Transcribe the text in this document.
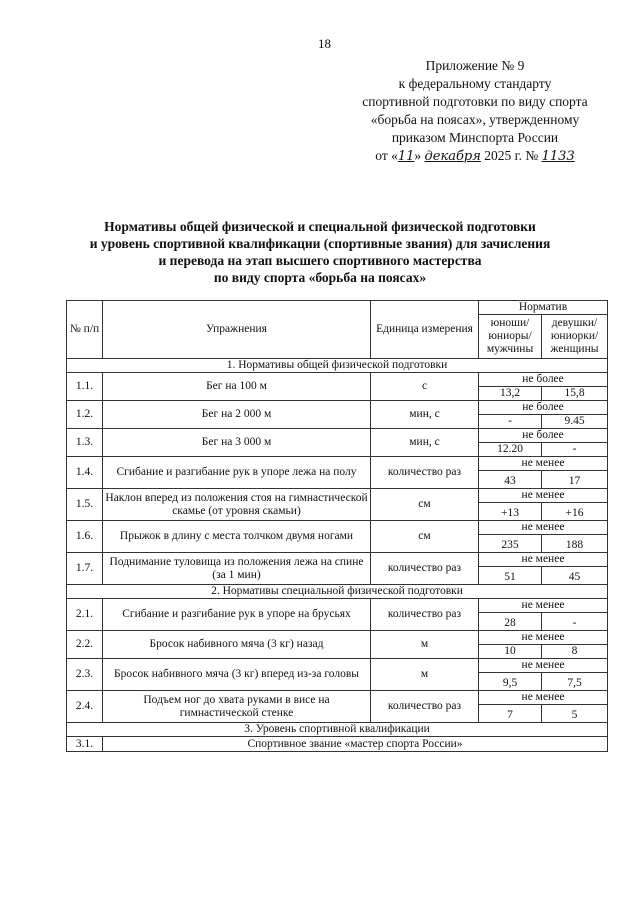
18
Приложение № 9
к федеральному стандарту
спортивной подготовки по виду спорта
«борьба на поясах», утвержденному
приказом Минспорта России
от «11» декабря 2025 г. № 1133
Нормативы общей физической и специальной физической подготовки
и уровень спортивной квалификации (спортивные звания) для зачисления
и перевода на этап высшего спортивного мастерства
по виду спорта «борьба на поясах»
№ п/п	Упражнения	Единица измерения	Норматив	
			юноши/ юниоры/ мужчины	девушки/ юниорки/ женщины
1. Нормативы общей физической подготовки				
1.1.	Бег на 100 м	с	не более	
			13,2	15,8
1.2.	Бег на 2 000 м	мин, с	не более	
			-	9.45
1.3.	Бег на 3 000 м	мин, с	не более	
			12.20	-
1.4.	Сгибание и разгибание рук в упоре лежа на полу	количество раз	не менее	
			43	17
1.5.	Наклон вперед из положения стоя на гимнастической скамье (от уровня скамьи)	см	не менее	
			+13	+16
1.6.	Прыжок в длину с места толчком двумя ногами	см	не менее	
			235	188
1.7.	Поднимание туловища из положения лежа на спине (за 1 мин)	количество раз	не менее	
			51	45
2. Нормативы специальной физической подготовки				
2.1.	Сгибание и разгибание рук в упоре на брусьях	количество раз	не менее	
			28	-
2.2.	Бросок набивного мяча (3 кг) назад	м	не менее	
			10	8
2.3.	Бросок набивного мяча (3 кг) вперед из-за головы	м	не менее	
			9,5	7,5
2.4.	Подъем ног до хвата руками в висе на гимнастической стенке	количество раз	не менее	
			7	5
3. Уровень спортивной квалификации				
3.1.	Спортивное звание «мастер спорта России»			
